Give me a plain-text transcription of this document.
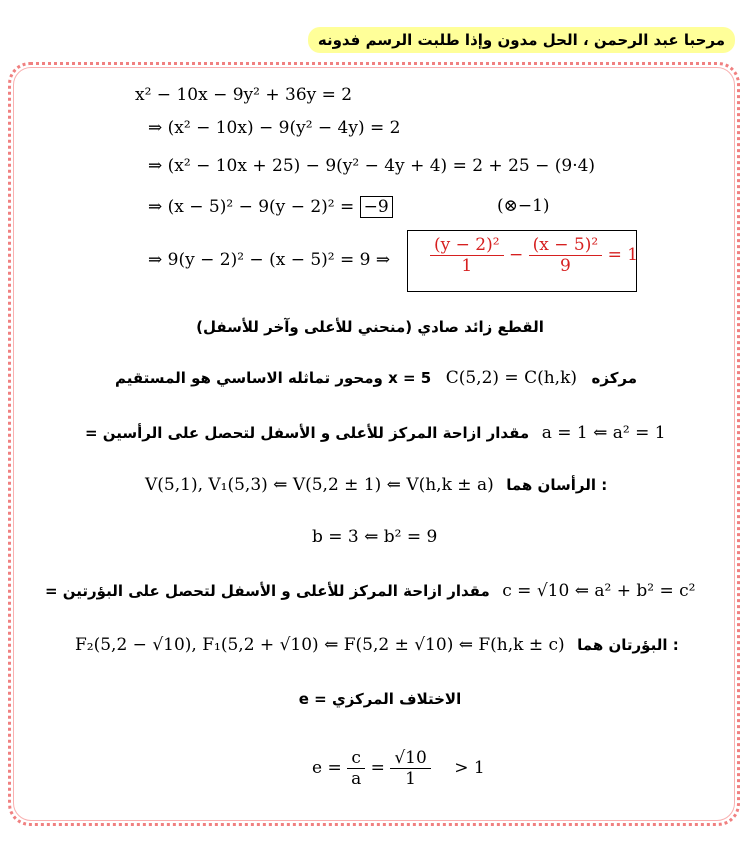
مرحبا عبد الرحمن ، الحل مدون وإذا طلبت الرسم فدونه
x² − 10x − 9y² + 36y = 2
⇒ (x² − 10x) − 9(y² − 4y) = 2
⇒ (x² − 10x + 25) − 9(y² − 4y + 4) = 2 + 25 − (9·4)
⇒ (x − 5)² − 9(y − 2)² = −9	(⊗−1)
⇒ 9(y − 2)² − (x − 5)² = 9 ⇒ $\frac{\text{(y − 2)²}}{1} - \frac{\text{(x − 5)²}}{9} = 1$
القطع زائد صادي (منحني للأعلى وآخر للأسفل)
ومحور تماثله الاساسي هو المستقيم x = 5 C(5,2) = C(h,k) مركزه
= مقدار ازاحة المركز للأعلى و الأسفل لتحصل على الرأسين a = 1 ⇐ a² = 1
V(5,1), V₁(5,3) ⇐ V(5,2 ± 1) ⇐ V(h,k ± a) الرأسان هما :
b = 3 ⇐ b² = 9
= مقدار ازاحة المركز للأعلى و الأسفل لتحصل على البؤرتين c = √10 ⇐ a² + b² = c²
F₂(5,2 − √10), F₁(5,2 + √10) ⇐ F(5,2 ± √10) ⇐ F(h,k ± c) البؤرتان هما :
الاختلاف المركزي = e
$e = \frac{c}{a} = \frac{√10}{1} > 1$
